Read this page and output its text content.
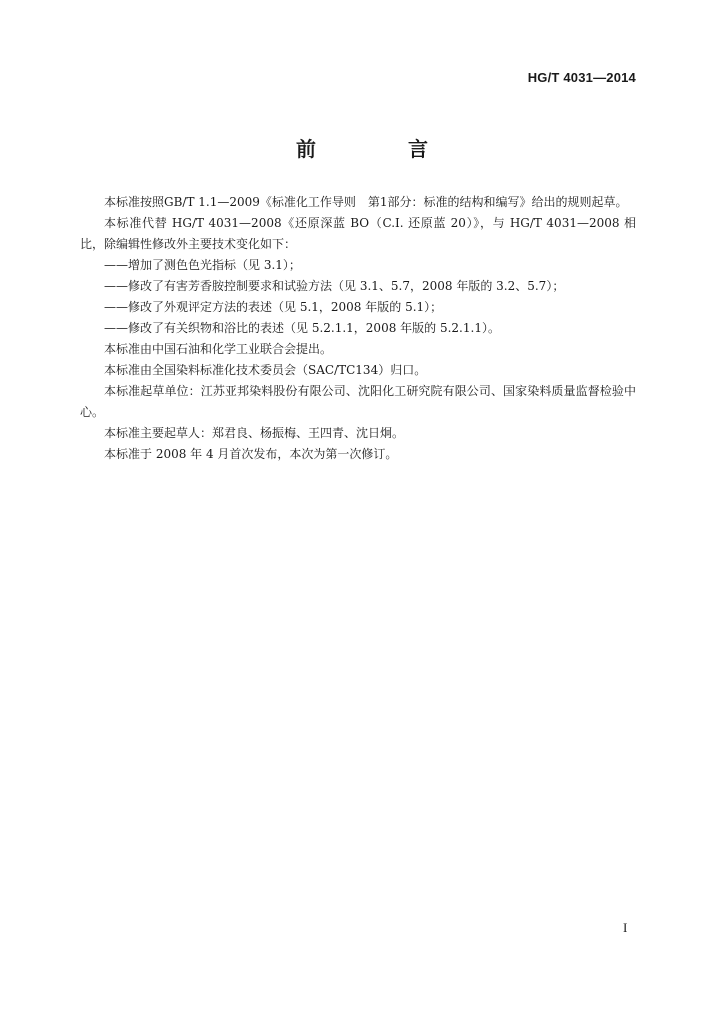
HG/T 4031—2014
前　言

本标准按照GB/T 1.1—2009《标准化工作导则　第1部分：标准的结构和编写》给出的规则起草。

本标准代替 HG/T 4031—2008《还原深蓝 BO（C.I. 还原蓝 20）》，与 HG/T 4031—2008 相比，除编辑性修改外主要技术变化如下：

——增加了测色色光指标（见 3.1）；

——修改了有害芳香胺控制要求和试验方法（见 3.1、5.7，2008 年版的 3.2、5.7）；

——修改了外观评定方法的表述（见 5.1，2008 年版的 5.1）；

——修改了有关织物和浴比的表述（见 5.2.1.1，2008 年版的 5.2.1.1）。

本标准由中国石油和化学工业联合会提出。

本标准由全国染料标准化技术委员会（SAC/TC134）归口。

本标准起草单位：江苏亚邦染料股份有限公司、沈阳化工研究院有限公司、国家染料质量监督检验中心。

本标准主要起草人：郑君良、杨振梅、王四青、沈日炯。

本标准于 2008 年 4 月首次发布，本次为第一次修订。

I
